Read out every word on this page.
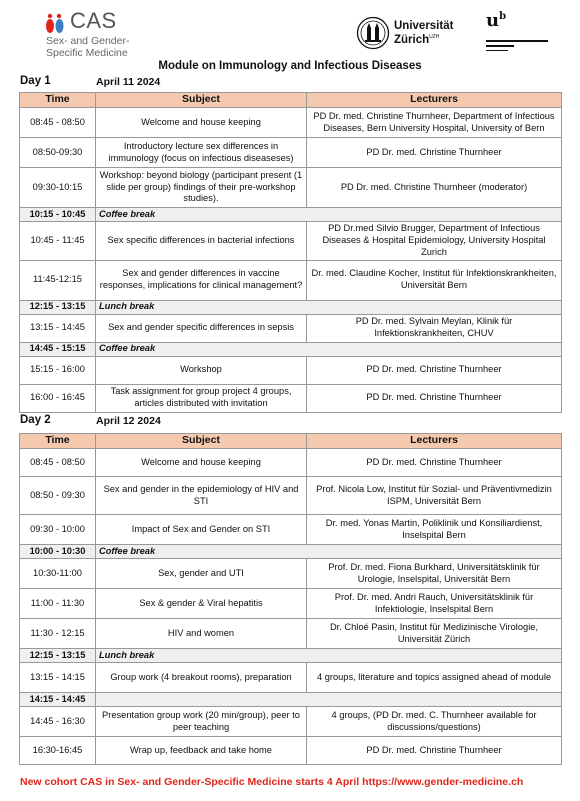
CAS
Sex- and Gender-
Specific Medicine
Universität
Zürich$^{UZH}$
$u^b$
Module on Immunology and Infectious Diseases
Day 1	April 11 2024
Time	Subject	Lecturers
08:45 - 08:50	Welcome and house keeping	PD Dr. med. Christine Thurnheer, Department of Infectious Diseases, Bern University Hospital, University of Bern
08:50-09:30	Introductory lecture sex differences in immunology (focus on infectious diseaseses)	PD Dr. med. Christine Thurnheer
09:30-10:15	Workshop: beyond biology (participant present (1 slide per group) findings of their pre-workshop studies).	PD Dr. med. Christine Thurnheer (moderator)
10:15 - 10:45	Coffee break	
10:45 - 11:45	Sex specific differences in bacterial infections	PD Dr.med Silvio Brugger, Department of Infectious Diseases & Hospital Epidemiology, University Hospital Zurich
11:45-12:15	Sex and gender differences in vaccine responses, implications for clinical management?	Dr. med. Claudine Kocher, Institut für Infektionskrankheiten, Universität Bern
12:15 - 13:15	Lunch break	
13:15 - 14:45	Sex and gender specific differences in sepsis	PD Dr. med. Sylvain Meylan, Klinik für Infektionskrankheiten, CHUV
14:45 - 15:15	Coffee break	
15:15 - 16:00	Workshop	PD Dr. med. Christine Thurnheer
16:00 - 16:45	Task assignment for group project 4 groups, articles distributed with invitation	PD Dr. med. Christine Thurnheer
Day 2	April 12 2024
Time	Subject	Lecturers
08:45 - 08:50	Welcome and house keeping	PD Dr. med. Christine Thurnheer
08:50 - 09:30	Sex and gender in the epidemiology of HIV and STI	Prof. Nicola Low, Institut für Sozial- und Präventivmedizin ISPM, Universität Bern
09:30 - 10:00	Impact of Sex and Gender on STI	Dr. med. Yonas Martin, Poliklinik und Konsiliardienst, Inselspital Bern
10:00 - 10:30	Coffee break	
10:30-11:00	Sex, gender and UTI	Prof. Dr. med. Fiona Burkhard, Universitätsklinik für Urologie, Inselspital, Universität Bern
11:00 - 11:30	Sex & gender & Viral hepatitis	Prof. Dr. med. Andri Rauch, Universitätsklinik für Infektiologie, Inselspital Bern
11:30 - 12:15	HIV and women	Dr. Chloé Pasin, Institut für Medizinische Virologie, Universität Zürich
12:15 - 13:15	Lunch break	
13:15 - 14:15	Group work (4 breakout rooms), preparation	4 groups, literature and topics assigned ahead of module
14:15 - 14:45		
14:45 - 16:30	Presentation group work (20 min/group), peer to peer teaching	4 groups, (PD Dr. med. C. Thurnheer available for discussions/questions)
16:30-16:45	Wrap up, feedback and take home	PD Dr. med. Christine Thurnheer
New cohort CAS in Sex- and Gender-Specific Medicine starts 4 April https://www.gender-medicine.ch
